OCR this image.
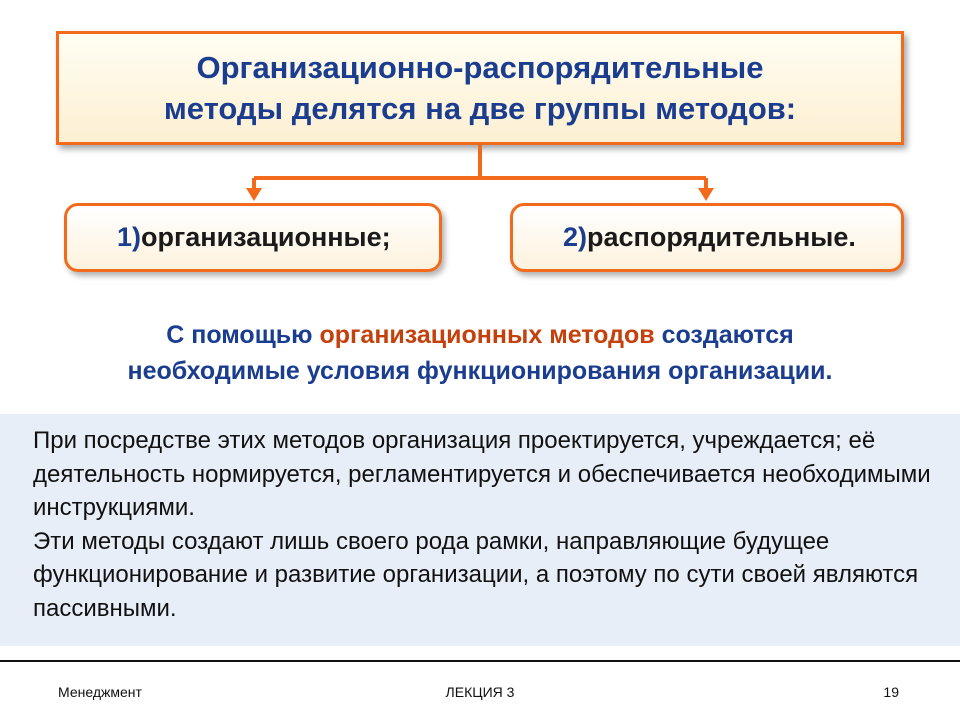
Организационно-распорядительные
методы делятся на две группы методов:
1) организационные;	2) распорядительные.
С помощью организационных методов создаются
необходимые условия функционирования организации.

При посредстве этих методов организация проектируется, учреждается; её деятельность нормируется, регламентируется и обеспечивается необходимыми инструкциями.

Эти методы создают лишь своего рода рамки, направляющие будущее функционирование и развитие организации, а поэтому по сути своей являются пассивными.

Менеджмент	ЛЕКЦИЯ 3	19
